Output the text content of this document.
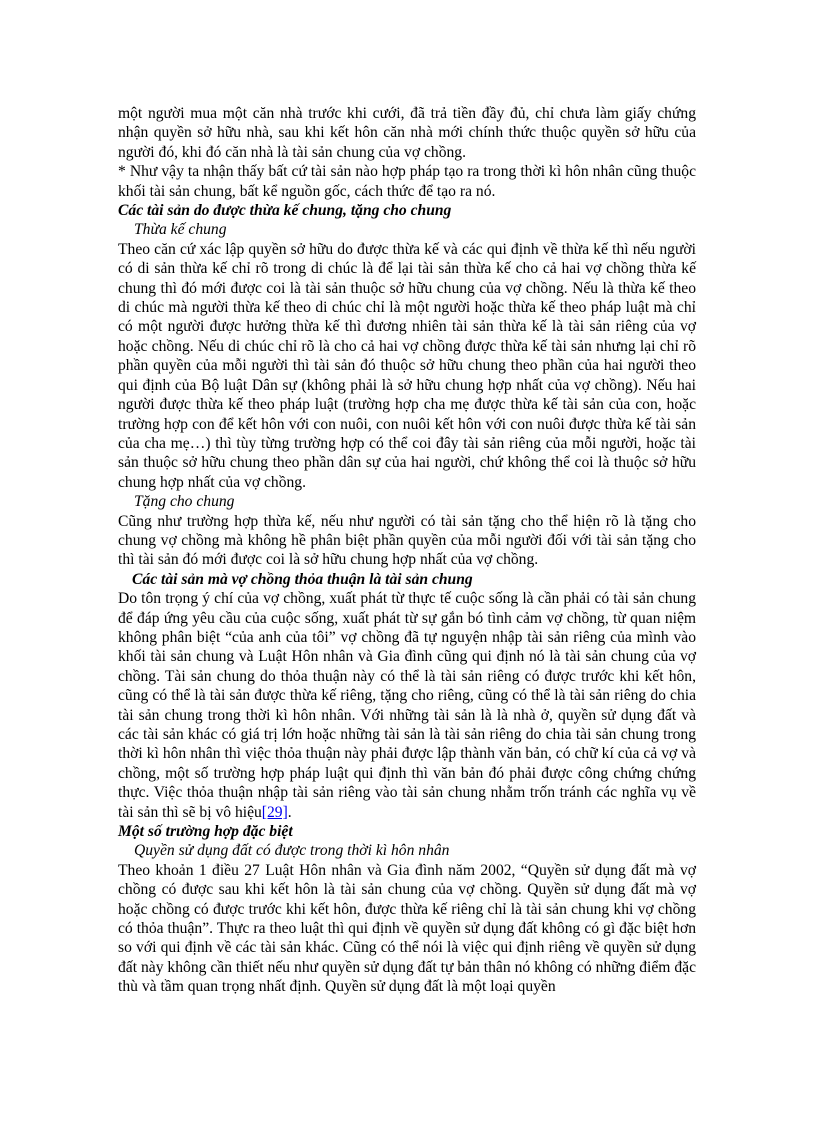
một người mua một căn nhà trước khi cưới, đã trả tiền đầy đủ, chỉ chưa làm giấy chứng nhận quyền sở hữu nhà, sau khi kết hôn căn nhà mới chính thức thuộc quyền sở hữu của người đó, khi đó căn nhà là tài sản chung của vợ chồng.

* Như vậy ta nhận thấy bất cứ tài sản nào hợp pháp tạo ra trong thời kì hôn nhân cũng thuộc khối tài sản chung, bất kể nguồn gốc, cách thức để tạo ra nó.

Các tài sản do được thừa kế chung, tặng cho chung

Thừa kế chung

Theo căn cứ xác lập quyền sở hữu do được thừa kế và các qui định về thừa kế thì nếu người có di sản thừa kế chỉ rõ trong di chúc là để lại tài sản thừa kế cho cả hai vợ chồng thừa kế chung thì đó mới được coi là tài sản thuộc sở hữu chung của vợ chồng. Nếu là thừa kế theo di chúc mà người thừa kế theo di chúc chỉ là một người hoặc thừa kế theo pháp luật mà chỉ có một người được hưởng thừa kế thì đương nhiên tài sản thừa kế là tài sản riêng của vợ hoặc chồng. Nếu di chúc chỉ rõ là cho cả hai vợ chồng được thừa kế tài sản nhưng lại chỉ rõ phần quyền của mỗi người thì tài sản đó thuộc sở hữu chung theo phần của hai người theo qui định của Bộ luật Dân sự (không phải là sở hữu chung hợp nhất của vợ chồng). Nếu hai người được thừa kế theo pháp luật (trường hợp cha mẹ được thừa kế tài sản của con, hoặc trường hợp con để kết hôn với con nuôi, con nuôi kết hôn với con nuôi được thừa kế tài sản của cha mẹ…) thì tùy từng trường hợp có thể coi đây tài sản riêng của mỗi người, hoặc tài sản thuộc sở hữu chung theo phần dân sự của hai người, chứ không thể coi là thuộc sở hữu chung hợp nhất của vợ chồng.

Tặng cho chung

Cũng như trường hợp thừa kế, nếu như người có tài sản tặng cho thể hiện rõ là tặng cho chung vợ chồng mà không hề phân biệt phần quyền của mỗi người đối với tài sản tặng cho thì tài sản đó mới được coi là sở hữu chung hợp nhất của vợ chồng.

Các tài sản mà vợ chồng thỏa thuận là tài sản chung

Do tôn trọng ý chí của vợ chồng, xuất phát từ thực tế cuộc sống là cần phải có tài sản chung để đáp ứng yêu cầu của cuộc sống, xuất phát từ sự gắn bó tình cảm vợ chồng, từ quan niệm không phân biệt “của anh của tôi” vợ chồng đã tự nguyện nhập tài sản riêng của mình vào khối tài sản chung và Luật Hôn nhân và Gia đình cũng qui định nó là tài sản chung của vợ chồng. Tài sản chung do thỏa thuận này có thể là tài sản riêng có được trước khi kết hôn, cũng có thể là tài sản được thừa kế riêng, tặng cho riêng, cũng có thể là tài sản riêng do chia tài sản chung trong thời kì hôn nhân. Với những tài sản là là nhà ở, quyền sử dụng đất và các tài sản khác có giá trị lớn hoặc những tài sản là tài sản riêng do chia tài sản chung trong thời kì hôn nhân thì việc thỏa thuận này phải được lập thành văn bản, có chữ kí của cả vợ và chồng, một số trường hợp pháp luật qui định thì văn bản đó phải được công chứng chứng thực. Việc thỏa thuận nhập tài sản riêng vào tài sản chung nhằm trốn tránh các nghĩa vụ về tài sản thì sẽ bị vô hiệu[29].

Một số trường hợp đặc biệt

Quyền sử dụng đất có được trong thời kì hôn nhân

Theo khoản 1 điều 27 Luật Hôn nhân và Gia đình năm 2002, “Quyền sử dụng đất mà vợ chồng có được sau khi kết hôn là tài sản chung của vợ chồng. Quyền sử dụng đất mà vợ hoặc chồng có được trước khi kết hôn, được thừa kế riêng chỉ là tài sản chung khi vợ chồng có thỏa thuận”. Thực ra theo luật thì qui định về quyền sử dụng đất không có gì đặc biệt hơn so với qui định về các tài sản khác. Cũng có thể nói là việc qui định riêng về quyền sử dụng đất này không cần thiết nếu như quyền sử dụng đất tự bản thân nó không có những điểm đặc thù và tầm quan trọng nhất định. Quyền sử dụng đất là một loại quyền
